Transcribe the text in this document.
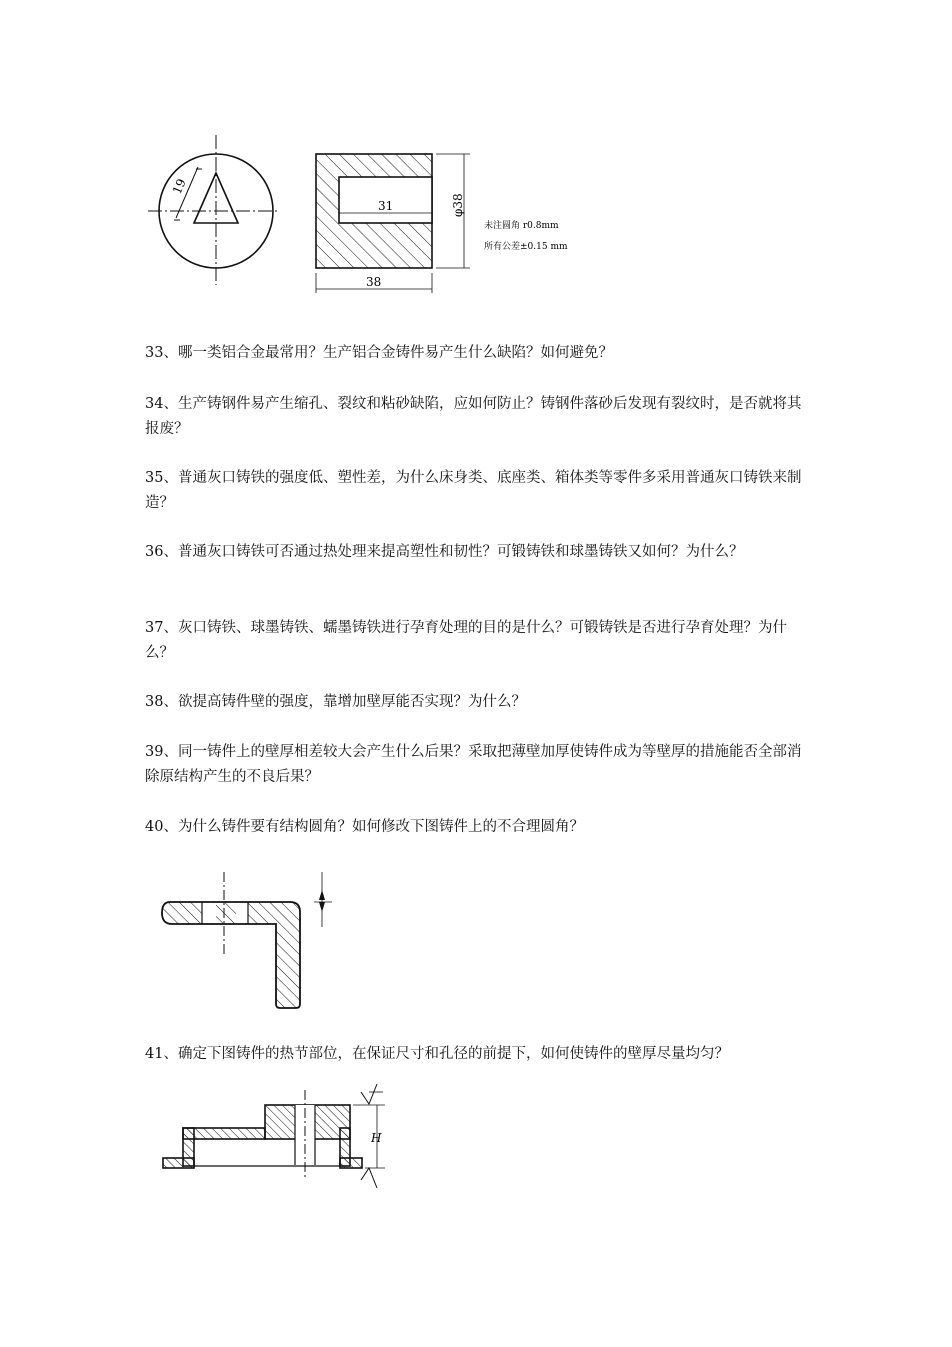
19
31
38
φ38
未注圆角 r0.8mm
所有公差±0.15 mm
33、哪一类铝合金最常用？生产铝合金铸件易产生什么缺陷？如何避免？
34、生产铸钢件易产生缩孔、裂纹和粘砂缺陷，应如何防止？铸钢件落砂后发现有裂纹时，是否就将其报废？
35、普通灰口铸铁的强度低、塑性差，为什么床身类、底座类、箱体类等零件多采用普通灰口铸铁来制造？
36、普通灰口铸铁可否通过热处理来提高塑性和韧性？可锻铸铁和球墨铸铁又如何？为什么？
37、灰口铸铁、球墨铸铁、蠕墨铸铁进行孕育处理的目的是什么？可锻铸铁是否进行孕育处理？为什么？
38、欲提高铸件壁的强度，靠增加壁厚能否实现？为什么？
39、同一铸件上的壁厚相差较大会产生什么后果？采取把薄壁加厚使铸件成为等壁厚的措施能否全部消除原结构产生的不良后果？
40、为什么铸件要有结构圆角？如何修改下图铸件上的不合理圆角？
41、确定下图铸件的热节部位，在保证尺寸和孔径的前提下，如何使铸件的壁厚尽量均匀？
H
